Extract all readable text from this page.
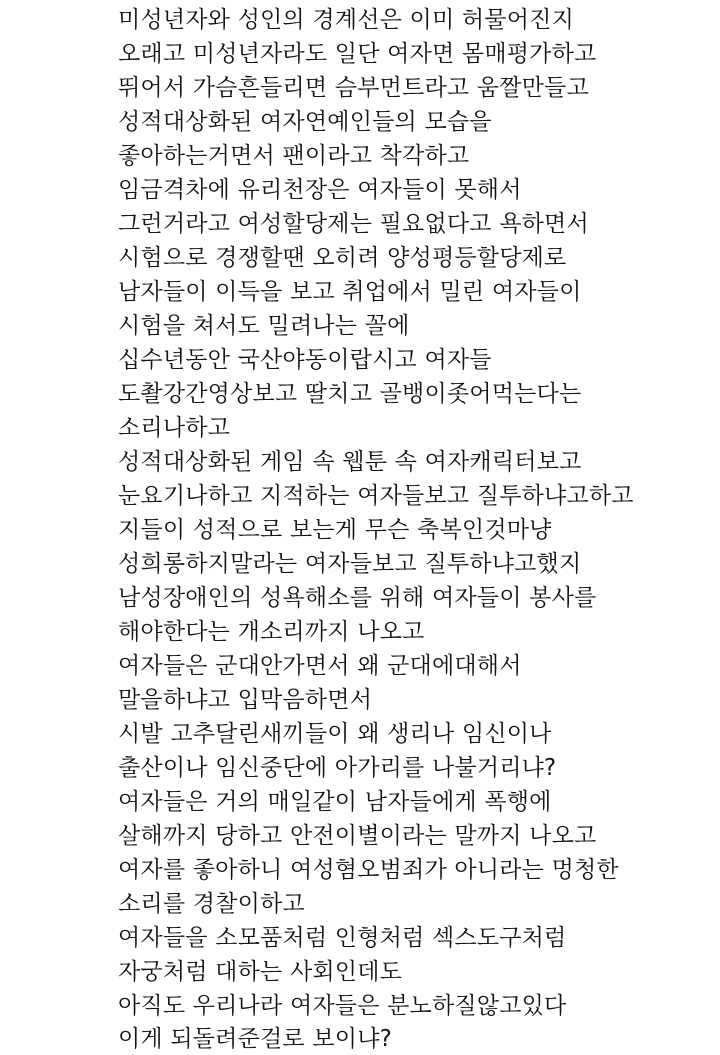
미성년자와 성인의 경계선은 이미 허물어진지
오래고 미성년자라도 일단 여자면 몸매평가하고
뛰어서 가슴흔들리면 슴부먼트라고 움짤만들고
성적대상화된 여자연예인들의 모습을
좋아하는거면서 팬이라고 착각하고
임금격차에 유리천장은 여자들이 못해서
그런거라고 여성할당제는 필요없다고 욕하면서
시험으로 경쟁할땐 오히려 양성평등할당제로
남자들이 이득을 보고 취업에서 밀린 여자들이
시험을 쳐서도 밀려나는 꼴에
십수년동안 국산야동이랍시고 여자들
도촬강간영상보고 딸치고 골뱅이좃어먹는다는
소리나하고
성적대상화된 게임 속 웹툰 속 여자캐릭터보고
눈요기나하고 지적하는 여자들보고 질투하냐고하고
지들이 성적으로 보는게 무슨 축복인것마냥
성희롱하지말라는 여자들보고 질투하냐고했지
남성장애인의 성욕해소를 위해 여자들이 봉사를
해야한다는 개소리까지 나오고
여자들은 군대안가면서 왜 군대에대해서
말을하냐고 입막음하면서
시발 고추달린새끼들이 왜 생리나 임신이나
출산이나 임신중단에 아가리를 나불거리냐?
여자들은 거의 매일같이 남자들에게 폭행에
살해까지 당하고 안전이별이라는 말까지 나오고
여자를 좋아하니 여성혐오범죄가 아니라는 멍청한
소리를 경찰이하고
여자들을 소모품처럼 인형처럼 섹스도구처럼
자궁처럼 대하는 사회인데도
아직도 우리나라 여자들은 분노하질않고있다
이게 되돌려준걸로 보이냐?
